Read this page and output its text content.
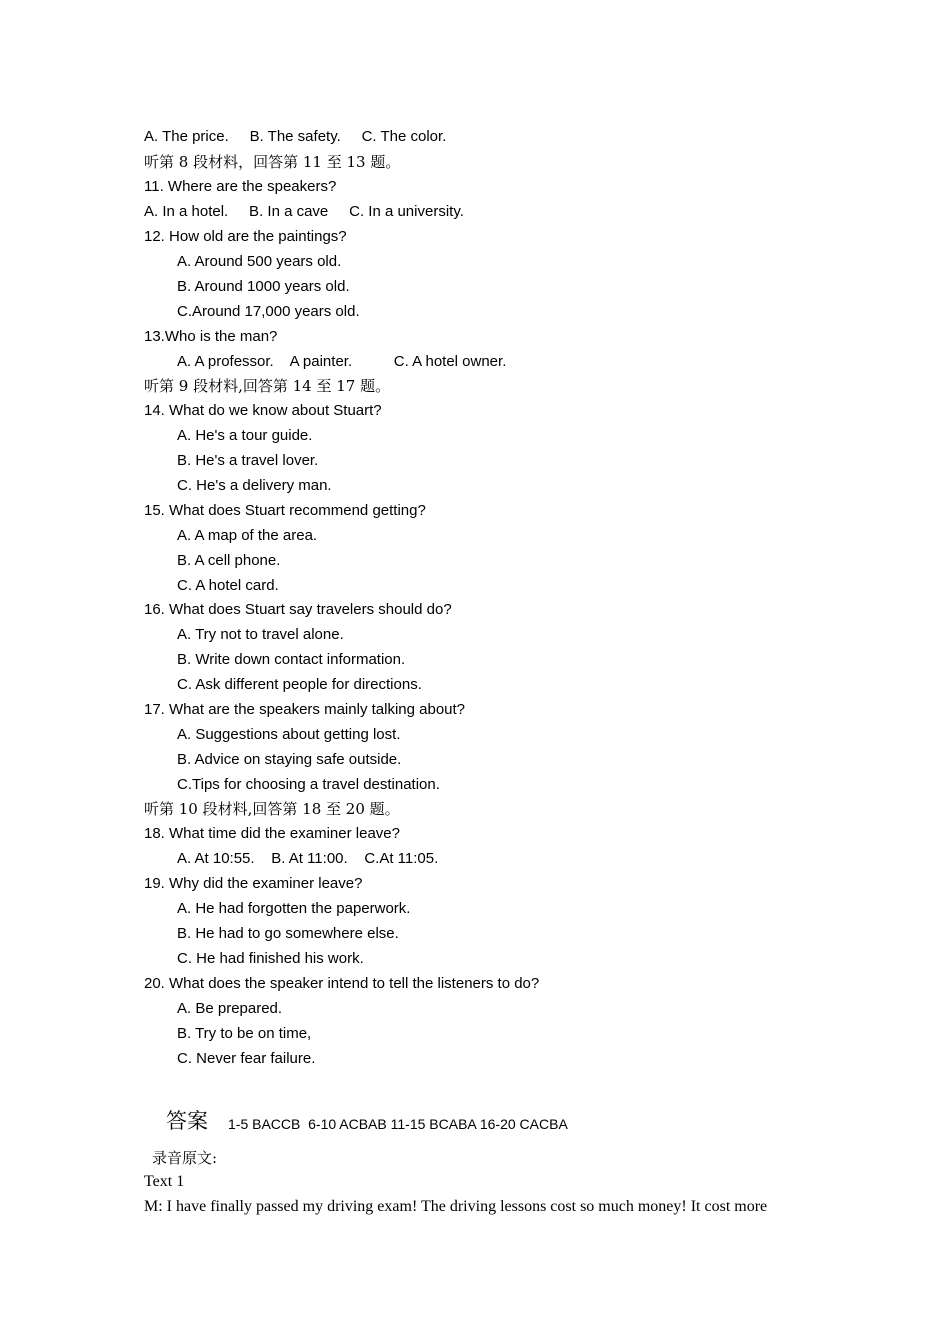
A. The price.     B. The safety.     C. The color.
听第 8 段材料，回答第 11 至 13 题。
11. Where are the speakers?
A. In a hotel.     B. In a cave     C. In a university.
12. How old are the paintings?
A. Around 500 years old.
B. Around 1000 years old.
C.Around 17,000 years old.
13.Who is the man?
A. A professor.    A painter.          C. A hotel owner.
听第 9 段材料,回答第 14 至 17 题。
14. What do we know about Stuart?
A. He's a tour guide.
B. He's a travel lover.
C. He's a delivery man.
15. What does Stuart recommend getting?
A. A map of the area.
B. A cell phone.
C. A hotel card.
16. What does Stuart say travelers should do?
A. Try not to travel alone.
B. Write down contact information.
C. Ask different people for directions.
17. What are the speakers mainly talking about?
A. Suggestions about getting lost.
B. Advice on staying safe outside.
C.Tips for choosing a travel destination.
听第 10 段材料,回答第 18 至 20 题。
18. What time did the examiner leave?
A. At 10:55.    B. At 11:00.    C.At 11:05.
19. Why did the examiner leave?
A. He had forgotten the paperwork.
B. He had to go somewhere else.
C. He had finished his work.
20. What does the speaker intend to tell the listeners to do?
A. Be prepared.
B. Try to be on time,
C. Never fear failure.
答案 1-5 BACCB  6-10 ACBAB 11-15 BCABA 16-20 CACBA
录音原文:
Text 1
M: I have finally passed my driving exam! The driving lessons cost so much money! It cost more
